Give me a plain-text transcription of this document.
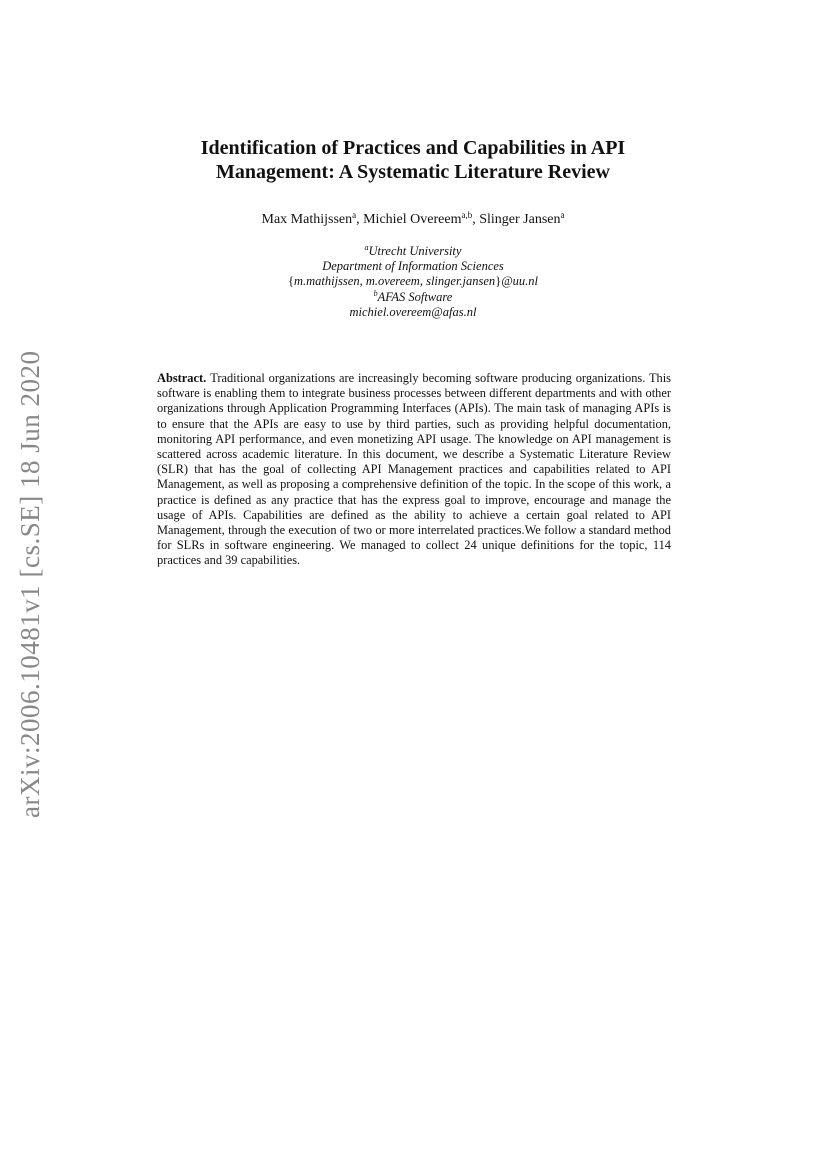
arXiv:2006.10481v1 [cs.SE] 18 Jun 2020
Identification of Practices and Capabilities in API
Management: A Systematic Literature Review
Max Mathijssen$^a$, Michiel Overeem$^{a,b}$, Slinger Jansen$^a$
$^a$Utrecht University
Department of Information Sciences
{m.mathijssen, m.overeem, slinger.jansen}@uu.nl
$^b$AFAS Software
michiel.overeem@afas.nl

Abstract. Traditional organizations are increasingly becoming software producing organizations. This software is enabling them to integrate business processes between different departments and with other organizations through Application Programming Interfaces (APIs). The main task of managing APIs is to ensure that the APIs are easy to use by third parties, such as providing helpful documentation, monitoring API performance, and even monetizing API usage. The knowledge on API management is scattered across academic literature. In this document, we describe a Systematic Literature Review (SLR) that has the goal of collecting API Management practices and capabilities related to API Management, as well as proposing a comprehensive definition of the topic. In the scope of this work, a practice is defined as any practice that has the express goal to improve, encourage and manage the usage of APIs. Capabilities are defined as the ability to achieve a certain goal related to API Management, through the execution of two or more interrelated practices.We follow a standard method for SLRs in software engineering. We managed to collect 24 unique definitions for the topic, 114 practices and 39 capabilities.
